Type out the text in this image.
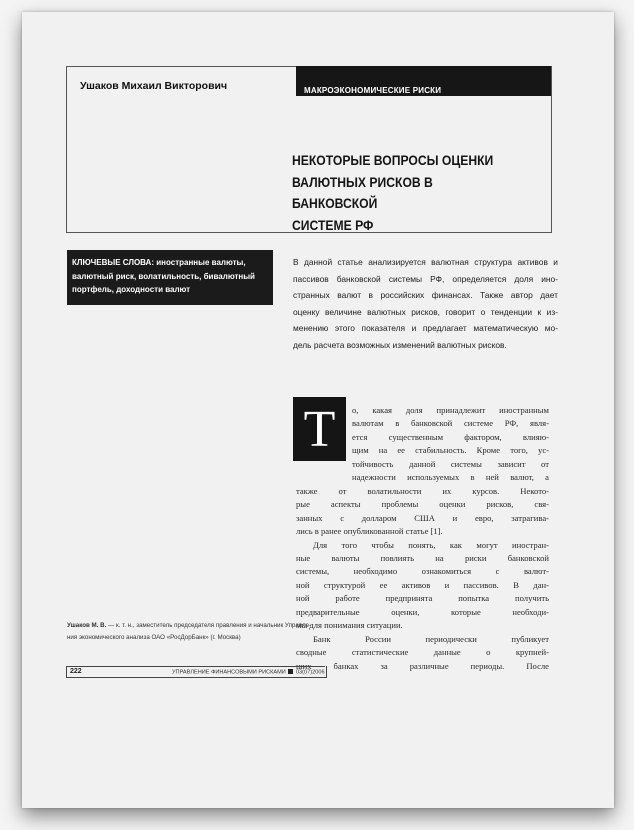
Ушаков Михаил Викторович	МАКРОЭКОНОМИЧЕСКИЕ РИСКИ
НЕКОТОРЫЕ ВОПРОСЫ ОЦЕНКИ
ВАЛЮТНЫХ РИСКОВ В БАНКОВСКОЙ
СИСТЕМЕ РФ
КЛЮЧЕВЫЕ СЛОВА: иностранные валюты,
валютный риск, волатильность, бивалютный
портфель, доходности валют
В данной статье анализируется валютная структура активов и
пассивов банковской системы РФ, определяется доля ино-
странных валют в российских финансах. Также автор дает
оценку величине валютных рисков, говорит о тенденции к из-
менению этого показателя и предлагает математическую мо-
дель расчета возможных изменений валютных рисков.
Т	о, какая доля принадлежит иностранным
валютам в банковской системе РФ, явля-
ется существенным фактором, влияю-
щим на ее стабильность. Кроме того, ус-
тойчивость данной системы зависит от
надежности используемых в ней валют, а
также от волатильности их курсов. Некото-
рые аспекты проблемы оценки рисков, свя-
занных с долларом США и евро, затрагива-
лись в ранее опубликованной статье [1].
Для того чтобы понять, как могут иностран-
ные валюты повлиять на риски банковской
системы, необходимо ознакомиться с валют-
ной структурой ее активов и пассивов. В дан-
ной работе предпринята попытка получить
предварительные оценки, которые необходи-
мы для понимания ситуации.
Банк России периодически публикует
сводные статистические данные о крупней-
ших банках за различные периоды. После
Ушаков М. В. — к. т. н., заместитель председателя правления и начальник Управле-
ния экономического анализа ОАО «РосДорБанк» (г. Москва)
222	УПРАВЛЕНИЕ ФИНАНСОВЫМИ РИСКАМИ 03(07)2006
